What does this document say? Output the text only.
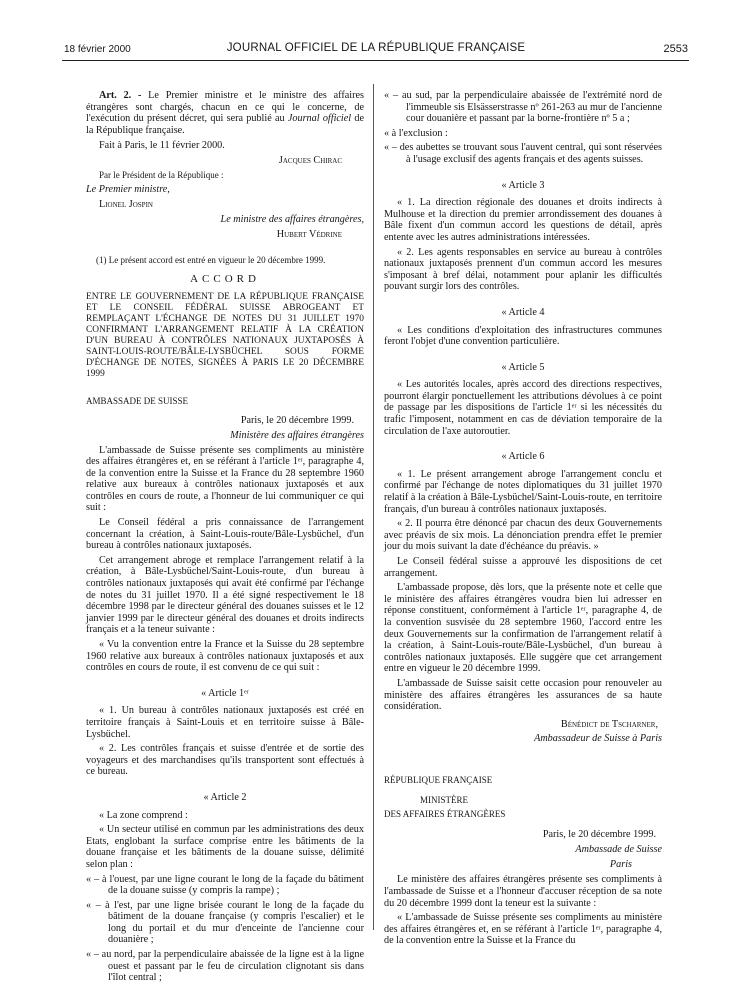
18 février 2000	JOURNAL OFFICIEL DE LA RÉPUBLIQUE FRANÇAISE	2553

Art. 2. - Le Premier ministre et le ministre des affaires étrangères sont chargés, chacun en ce qui le concerne, de l'exécution du présent décret, qui sera publié au Journal officiel de la République française.

Fait à Paris, le 11 février 2000.

Jacques Chirac

Par le Président de la République :

Le Premier ministre,

Lionel Jospin

Le ministre des affaires étrangères,

Hubert Védrine

(1) Le présent accord est entré en vigueur le 20 décembre 1999.

ACCORD

ENTRE LE GOUVERNEMENT DE LA RÉPUBLIQUE FRANÇAISE ET LE CONSEIL FÉDÉRAL SUISSE ABROGEANT ET REMPLAÇANT L'ÉCHANGE DE NOTES DU 31 JUILLET 1970 CONFIRMANT L'ARRANGEMENT RELATIF À LA CRÉATION D'UN BUREAU À CONTRÔLES NATIONAUX JUXTAPOSÉS À SAINT-LOUIS-ROUTE/BÂLE-LYSBÜCHEL SOUS FORME D'ÉCHANGE DE NOTES, SIGNÉES À PARIS LE 20 DÉCEMBRE 1999

AMBASSADE DE SUISSE

Paris, le 20 décembre 1999.

Ministère des affaires étrangères

L'ambassade de Suisse présente ses compliments au ministère des affaires étrangères et, en se référant à l'article 1ᵉʳ, paragraphe 4, de la convention entre la Suisse et la France du 28 septembre 1960 relative aux bureaux à contrôles nationaux juxtaposés et aux contrôles en cours de route, a l'honneur de lui communiquer ce qui suit :

Le Conseil fédéral a pris connaissance de l'arrangement concernant la création, à Saint-Louis-route/Bâle-Lysbüchel, d'un bureau à contrôles nationaux juxtaposés.

Cet arrangement abroge et remplace l'arrangement relatif à la création, à Bâle-Lysbüchel/Saint-Louis-route, d'un bureau à contrôles nationaux juxtaposés qui avait été confirmé par l'échange de notes du 31 juillet 1970. Il a été signé respectivement le 18 décembre 1998 par le directeur général des douanes suisses et le 12 janvier 1999 par le directeur général des douanes et droits indirects français et a la teneur suivante :

« Vu la convention entre la France et la Suisse du 28 septembre 1960 relative aux bureaux à contrôles nationaux juxtaposés et aux contrôles en cours de route, il est convenu de ce qui suit :

« Article 1ᵉʳ

« 1. Un bureau à contrôles nationaux juxtaposés est créé en territoire français à Saint-Louis et en territoire suisse à Bâle-Lysbüchel.

« 2. Les contrôles français et suisse d'entrée et de sortie des voyageurs et des marchandises qu'ils transportent sont effectués à ce bureau.

« Article 2

« La zone comprend :

« Un secteur utilisé en commun par les administrations des deux Etats, englobant la surface comprise entre les bâtiments de la douane française et les bâtiments de la douane suisse, délimité selon plan :

« – à l'ouest, par une ligne courant le long de la façade du bâtiment de la douane suisse (y compris la rampe) ;

« – à l'est, par une ligne brisée courant le long de la façade du bâtiment de la douane française (y compris l'escalier) et le long du portail et du mur d'enceinte de l'ancienne cour douanière ;

« – au nord, par la perpendiculaire abaissée de la ligne est à la ligne ouest et passant par le feu de circulation clignotant sis dans l'îlot central ;

« – au sud, par la perpendiculaire abaissée de l'extrémité nord de l'immeuble sis Elsässerstrasse nº 261-263 au mur de l'ancienne cour douanière et passant par la borne-frontière nº 5 a ;

« à l'exclusion :

« – des aubettes se trouvant sous l'auvent central, qui sont réservées à l'usage exclusif des agents français et des agents suisses.

« Article 3

« 1. La direction régionale des douanes et droits indirects à Mulhouse et la direction du premier arrondissement des douanes à Bâle fixent d'un commun accord les questions de détail, après entente avec les autres administrations intéressées.

« 2. Les agents responsables en service au bureau à contrôles nationaux juxtaposés prennent d'un commun accord les mesures s'imposant à bref délai, notamment pour aplanir les difficultés pouvant surgir lors des contrôles.

« Article 4

« Les conditions d'exploitation des infrastructures communes feront l'objet d'une convention particulière.

« Article 5

« Les autorités locales, après accord des directions respectives, pourront élargir ponctuellement les attributions dévolues à ce point de passage par les dispositions de l'article 1ᵉʳ si les nécessités du trafic l'imposent, notamment en cas de déviation temporaire de la circulation de l'axe autoroutier.

« Article 6

« 1. Le présent arrangement abroge l'arrangement conclu et confirmé par l'échange de notes diplomatiques du 31 juillet 1970 relatif à la création à Bâle-Lysbüchel/Saint-Louis-route, en territoire français, d'un bureau à contrôles nationaux juxtaposés.

« 2. Il pourra être dénoncé par chacun des deux Gouvernements avec préavis de six mois. La dénonciation prendra effet le premier jour du mois suivant la date d'échéance du préavis. »

Le Conseil fédéral suisse a approuvé les dispositions de cet arrangement.

L'ambassade propose, dès lors, que la présente note et celle que le ministère des affaires étrangères voudra bien lui adresser en réponse constituent, conformément à l'article 1ᵉʳ, paragraphe 4, de la convention susvisée du 28 septembre 1960, l'accord entre les deux Gouvernements sur la confirmation de l'arrangement relatif à la création, à Saint-Louis-route/Bâle-Lysbüchel, d'un bureau à contrôles nationaux juxtaposés. Elle suggère que cet arrangement entre en vigueur le 20 décembre 1999.

L'ambassade de Suisse saisit cette occasion pour renouveler au ministère des affaires étrangères les assurances de sa haute considération.

Bénédict de Tscharner,

Ambassadeur de Suisse à Paris

RÉPUBLIQUE FRANÇAISE

MINISTÈRE

DES AFFAIRES ÉTRANGÈRES

Paris, le 20 décembre 1999.

Ambassade de Suisse

Paris

Le ministère des affaires étrangères présente ses compliments à l'ambassade de Suisse et a l'honneur d'accuser réception de sa note du 20 décembre 1999 dont la teneur est la suivante :

« L'ambassade de Suisse présente ses compliments au ministère des affaires étrangères et, en se référant à l'article 1ᵉʳ, paragraphe 4, de la convention entre la Suisse et la France du
